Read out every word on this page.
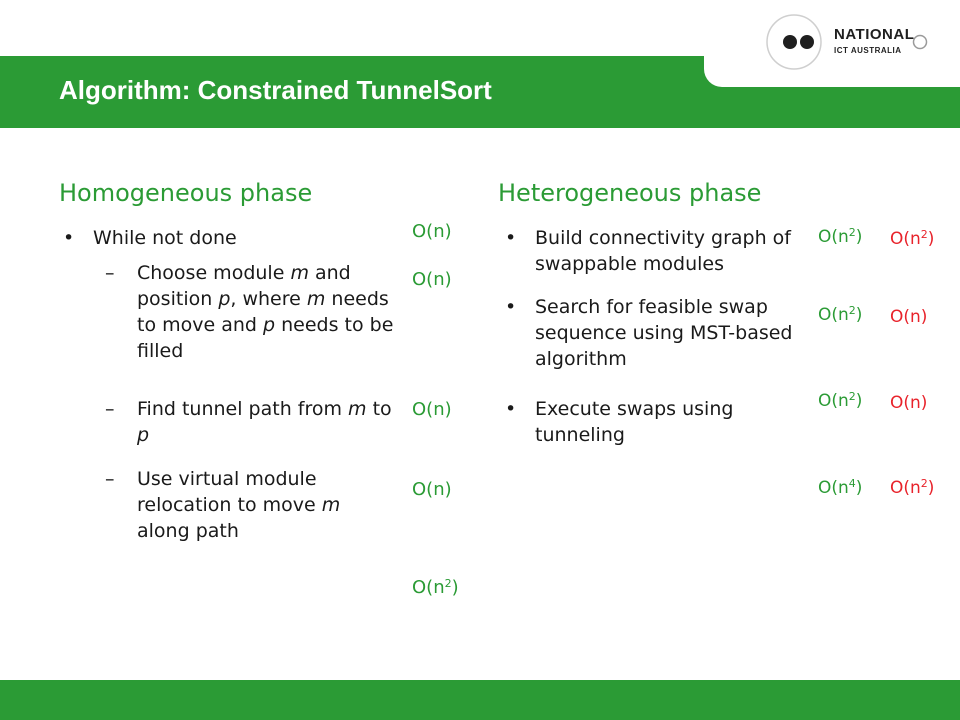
Algorithm: Constrained TunnelSort
NATIONAL
ICT AUSTRALIA
Homogeneous phase
• While not done
– Choose module m and position p, where m needs to move and p needs to be filled
– Find tunnel path from m to p
– Use virtual module relocation to move m along path
O(n)
O(n)
O(n)
O(n)
$O(n^2)$
Heterogeneous phase
• Build connectivity graph of swappable modules
• Search for feasible swap sequence using MST-based algorithm
• Execute swaps using tunneling
$O(n^2)$
$O(n^2)$
$O(n^2)$
$O(n^4)$
$O(n^2)$
O(n)
O(n)
$O(n^2)$
